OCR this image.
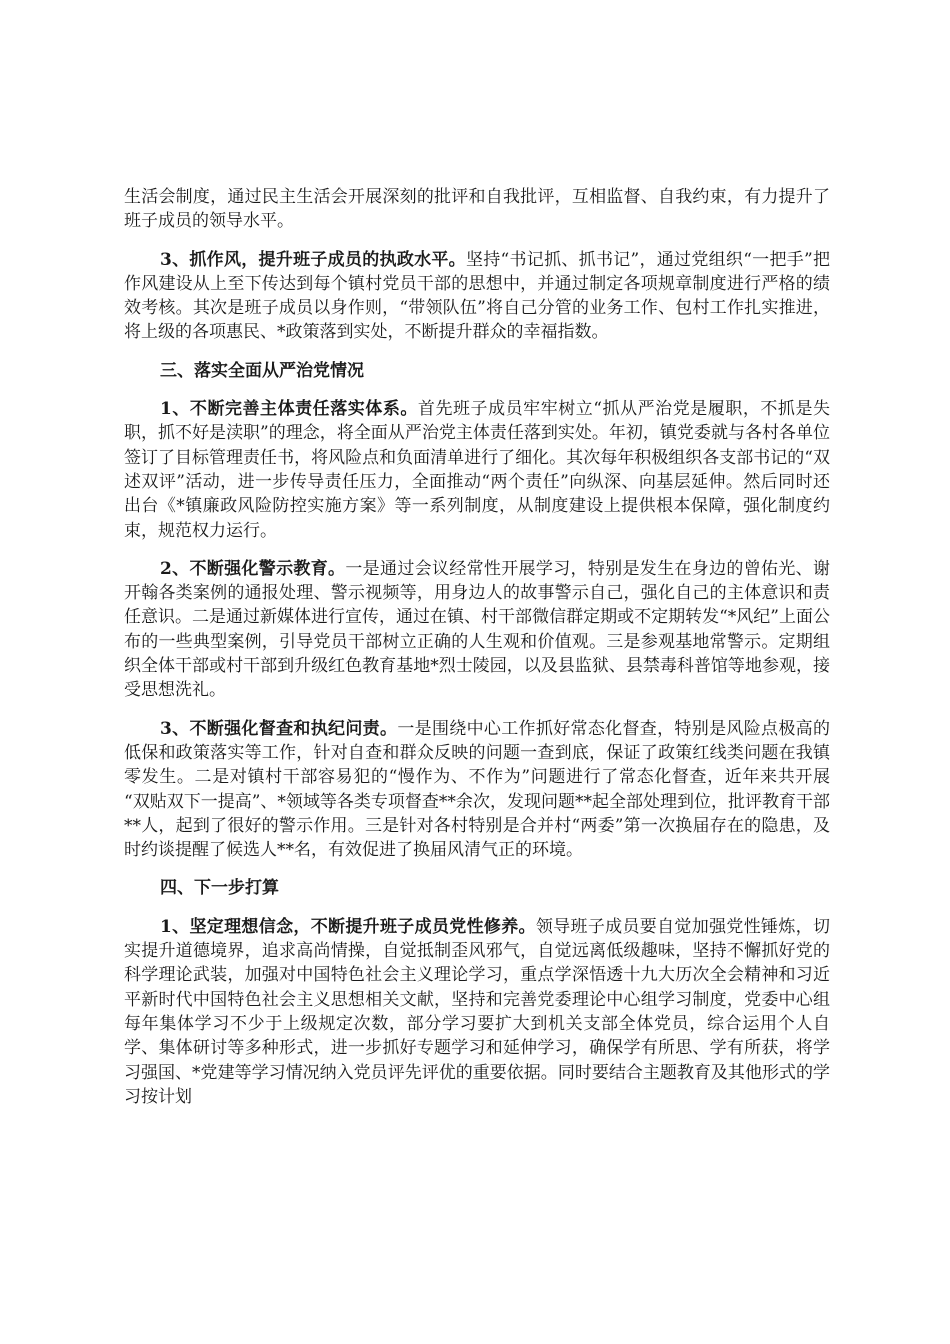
生活会制度，通过民主生活会开展深刻的批评和自我批评，互相监督、自我约束，有力提升了班子成员的领导水平。

3、抓作风，提升班子成员的执政水平。坚持“书记抓、抓书记”，通过党组织“一把手”把作风建设从上至下传达到每个镇村党员干部的思想中，并通过制定各项规章制度进行严格的绩效考核。其次是班子成员以身作则，“带领队伍”将自己分管的业务工作、包村工作扎实推进，将上级的各项惠民、*政策落到实处，不断提升群众的幸福指数。

三、落实全面从严治党情况

1、不断完善主体责任落实体系。首先班子成员牢牢树立“抓从严治党是履职，不抓是失职，抓不好是渎职”的理念，将全面从严治党主体责任落到实处。年初，镇党委就与各村各单位签订了目标管理责任书，将风险点和负面清单进行了细化。其次每年积极组织各支部书记的“双述双评”活动，进一步传导责任压力，全面推动“两个责任”向纵深、向基层延伸。然后同时还出台《*镇廉政风险防控实施方案》等一系列制度，从制度建设上提供根本保障，强化制度约束，规范权力运行。

2、不断强化警示教育。一是通过会议经常性开展学习，特别是发生在身边的曾佑光、谢开翰各类案例的通报处理、警示视频等，用身边人的故事警示自己，强化自己的主体意识和责任意识。二是通过新媒体进行宣传，通过在镇、村干部微信群定期或不定期转发“*风纪”上面公布的一些典型案例，引导党员干部树立正确的人生观和价值观。三是参观基地常警示。定期组织全体干部或村干部到升级红色教育基地*烈士陵园，以及县监狱、县禁毒科普馆等地参观，接受思想洗礼。

3、不断强化督查和执纪问责。一是围绕中心工作抓好常态化督查，特别是风险点极高的低保和政策落实等工作，针对自查和群众反映的问题一查到底，保证了政策红线类问题在我镇零发生。二是对镇村干部容易犯的“慢作为、不作为”问题进行了常态化督查，近年来共开展 “双贴双下一提高”、*领域等各类专项督查**余次，发现问题**起全部处理到位，批评教育干部**人，起到了很好的警示作用。三是针对各村特别是合并村“两委”第一次换届存在的隐患，及时约谈提醒了候选人**名，有效促进了换届风清气正的环境。

四、下一步打算

1、坚定理想信念，不断提升班子成员党性修养。领导班子成员要自觉加强党性锤炼，切实提升道德境界，追求高尚情操，自觉抵制歪风邪气，自觉远离低级趣味，坚持不懈抓好党的科学理论武装，加强对中国特色社会主义理论学习，重点学深悟透十九大历次全会精神和习近平新时代中国特色社会主义思想相关文献，坚持和完善党委理论中心组学习制度，党委中心组每年集体学习不少于上级规定次数，部分学习要扩大到机关支部全体党员，综合运用个人自学、集体研讨等多种形式，进一步抓好专题学习和延伸学习，确保学有所思、学有所获，将学习强国、*党建等学习情况纳入党员评先评优的重要依据。同时要结合主题教育及其他形式的学习按计划
